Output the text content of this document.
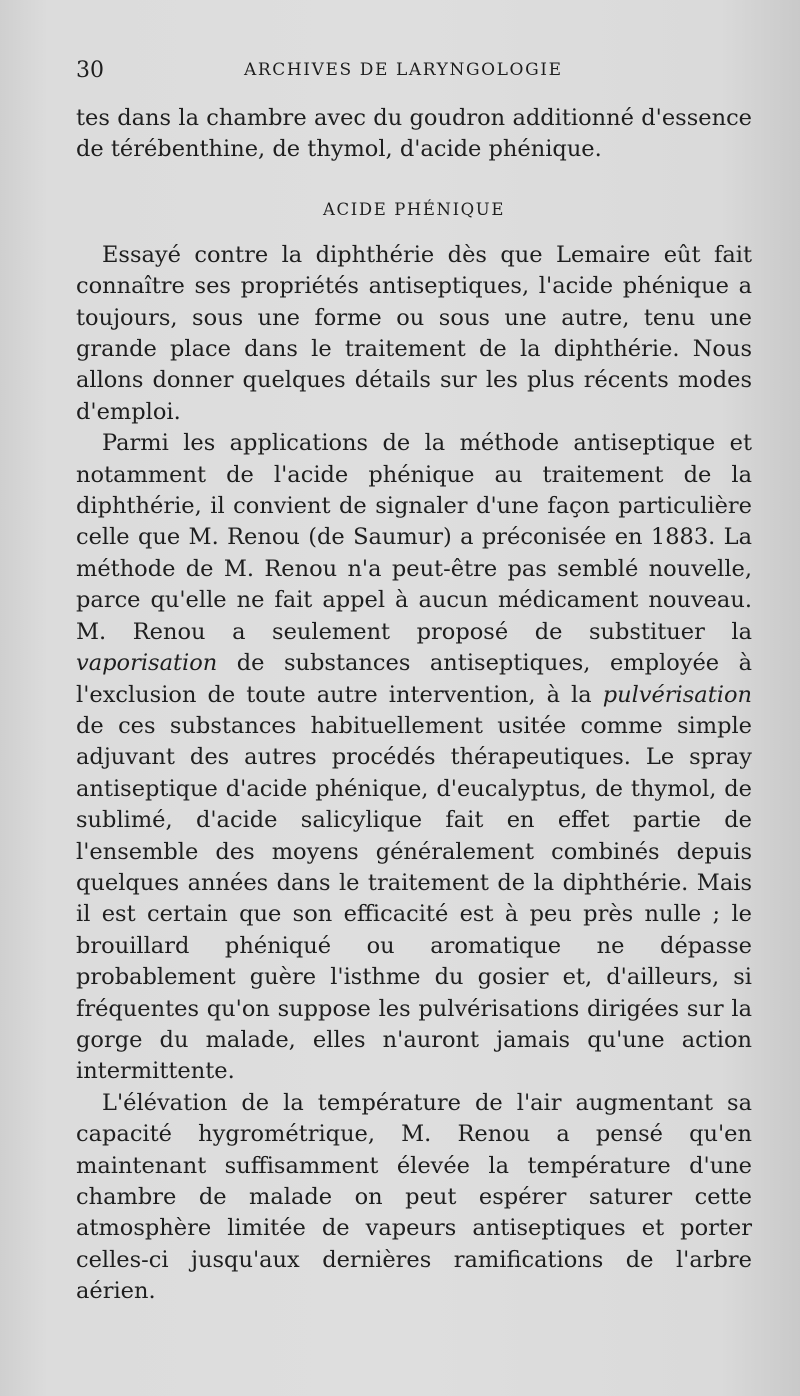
30	ARCHIVES DE LARYNGOLOGIE

tes dans la chambre avec du goudron additionné d'essence de térébenthine, de thymol, d'acide phénique.

ACIDE PHÉNIQUE

Essayé contre la diphthérie dès que Lemaire eût fait connaître ses propriétés antiseptiques, l'acide phénique a toujours, sous une forme ou sous une autre, tenu une grande place dans le traitement de la diphthérie. Nous allons donner quelques détails sur les plus récents modes d'emploi.

Parmi les applications de la méthode antiseptique et notamment de l'acide phénique au traitement de la diphthérie, il convient de signaler d'une façon particulière celle que M. Renou (de Saumur) a préconisée en 1883. La méthode de M. Renou n'a peut-être pas semblé nouvelle, parce qu'elle ne fait appel à aucun médicament nouveau. M. Renou a seulement proposé de substituer la vaporisation de substances antiseptiques, employée à l'exclusion de toute autre intervention, à la pulvérisation de ces substances habituellement usitée comme simple adjuvant des autres procédés thérapeutiques. Le spray antiseptique d'acide phénique, d'eucalyptus, de thymol, de sublimé, d'acide salicylique fait en effet partie de l'ensemble des moyens généralement combinés depuis quelques années dans le traitement de la diphthérie. Mais il est certain que son efficacité est à peu près nulle ; le brouillard phéniqué ou aromatique ne dépasse probablement guère l'isthme du gosier et, d'ailleurs, si fréquentes qu'on suppose les pulvérisations dirigées sur la gorge du malade, elles n'auront jamais qu'une action intermittente.

L'élévation de la température de l'air augmentant sa capacité hygrométrique, M. Renou a pensé qu'en maintenant suffisamment élevée la température d'une chambre de malade on peut espérer saturer cette atmosphère limitée de vapeurs antiseptiques et porter celles-ci jusqu'aux dernières ramifications de l'arbre aérien.
